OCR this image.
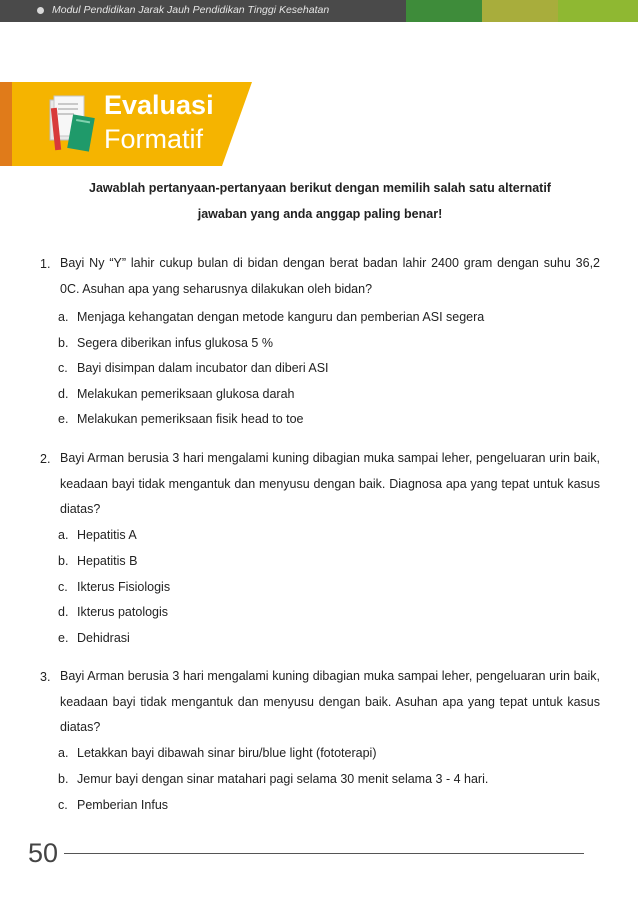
Modul Pendidikan Jarak Jauh Pendidikan Tinggi Kesehatan
Evaluasi
Formatif
Jawablah pertanyaan-pertanyaan berikut dengan memilih salah satu alternatif
jawaban yang anda anggap paling benar!
1. Bayi Ny “Y” lahir cukup bulan di bidan dengan berat badan lahir 2400 gram dengan suhu 36,2 0C. Asuhan apa yang seharusnya dilakukan oleh bidan?
a. Menjaga kehangatan dengan metode kanguru dan pemberian ASI segera
b. Segera diberikan infus glukosa 5 %
c. Bayi disimpan dalam incubator dan diberi ASI
d. Melakukan pemeriksaan glukosa darah
e. Melakukan pemeriksaan fisik head to toe
2. Bayi Arman berusia 3 hari mengalami kuning dibagian muka sampai leher, pengeluaran urin baik, keadaan bayi tidak mengantuk dan menyusu dengan baik. Diagnosa apa yang tepat untuk kasus diatas?
a. Hepatitis A
b. Hepatitis B
c. Ikterus Fisiologis
d. Ikterus patologis
e. Dehidrasi
3. Bayi Arman berusia 3 hari mengalami kuning dibagian muka sampai leher, pengeluaran urin baik, keadaan bayi tidak mengantuk dan menyusu dengan baik. Asuhan apa yang tepat untuk kasus diatas?
a. Letakkan bayi dibawah sinar biru/blue light (fototerapi)
b. Jemur bayi dengan sinar matahari pagi selama 30 menit selama 3 - 4 hari.
c. Pemberian Infus
50
